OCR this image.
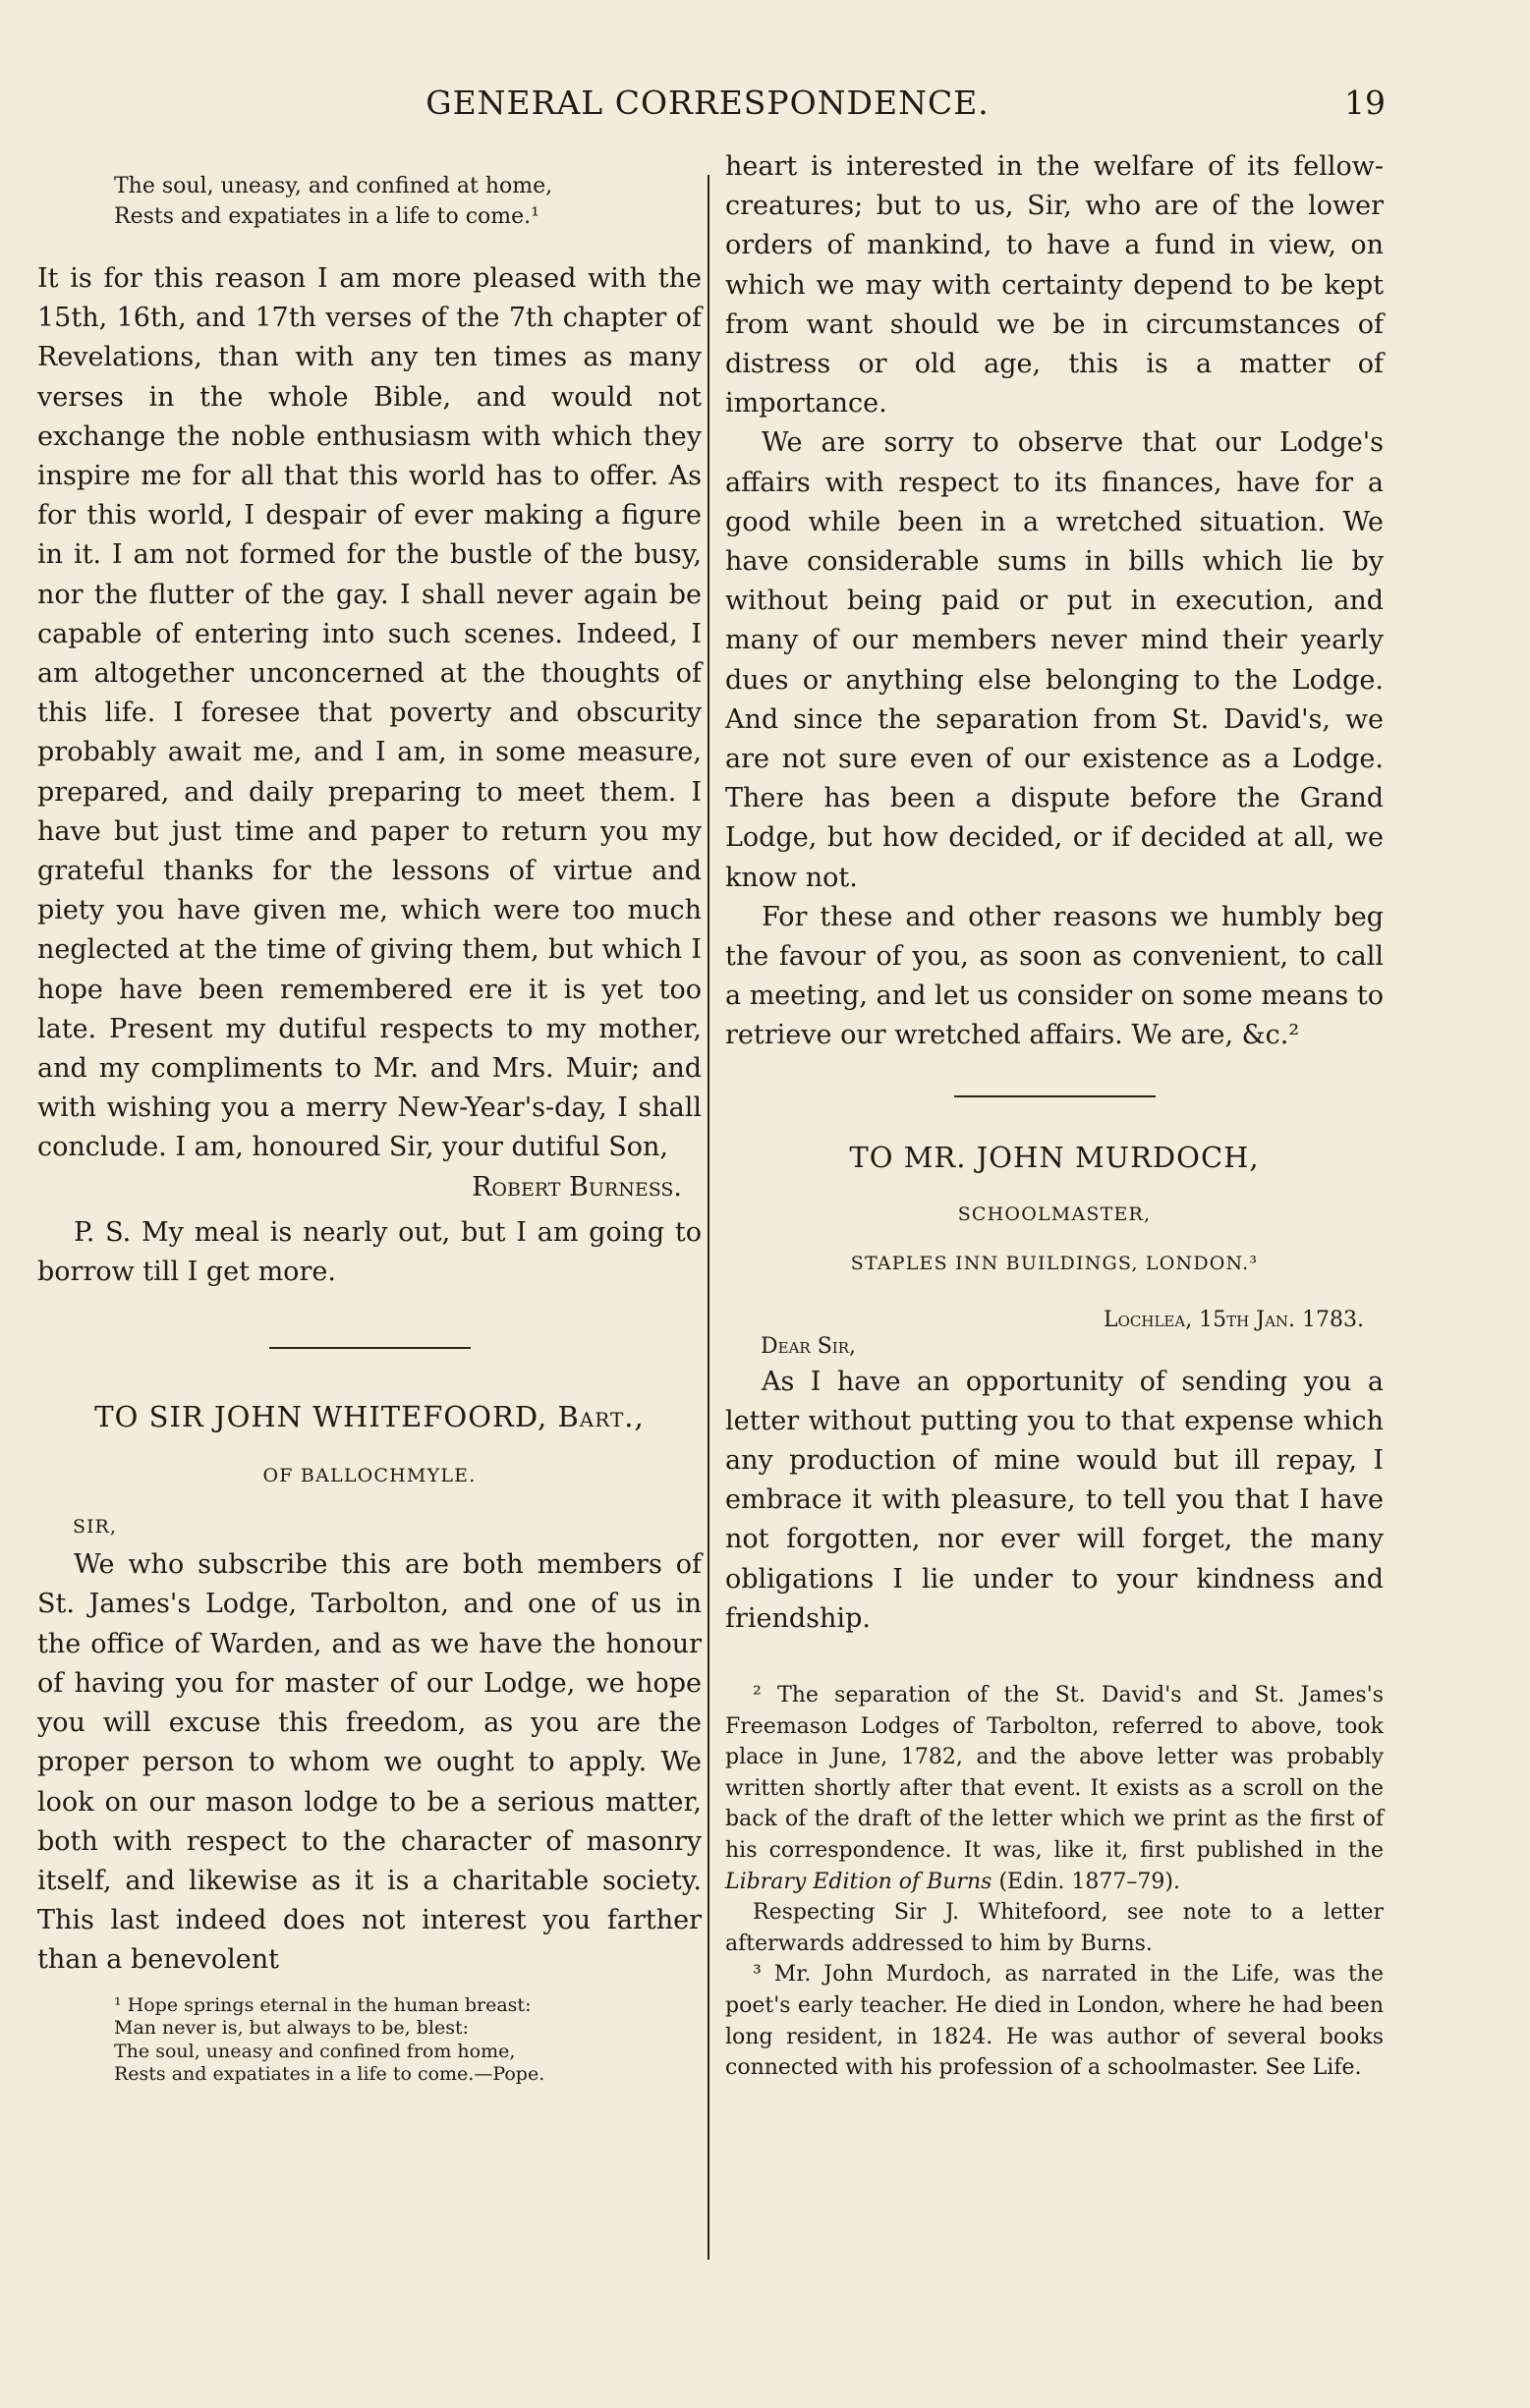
GENERAL CORRESPONDENCE.	19
The soul, uneasy, and confined at home,
Rests and expatiates in a life to come.¹

It is for this reason I am more pleased with the 15th, 16th, and 17th verses of the 7th chapter of Revelations, than with any ten times as many verses in the whole Bible, and would not exchange the noble enthusiasm with which they inspire me for all that this world has to offer. As for this world, I despair of ever making a figure in it. I am not formed for the bustle of the busy, nor the flutter of the gay. I shall never again be capable of entering into such scenes. Indeed, I am altogether unconcerned at the thoughts of this life. I foresee that poverty and obscurity probably await me, and I am, in some measure, prepared, and daily preparing to meet them. I have but just time and paper to return you my grateful thanks for the lessons of virtue and piety you have given me, which were too much neglected at the time of giving them, but which I hope have been remembered ere it is yet too late. Present my dutiful respects to my mother, and my compliments to Mr. and Mrs. Muir; and with wishing you a merry New-Year's-day, I shall conclude. I am, honoured Sir, your dutiful Son,

Robert Burness.

P. S. My meal is nearly out, but I am going to borrow till I get more.

TO SIR JOHN WHITEFOORD, Bart.,

OF BALLOCHMYLE.

SIR,

We who subscribe this are both members of St. James's Lodge, Tarbolton, and one of us in the office of Warden, and as we have the honour of having you for master of our Lodge, we hope you will excuse this freedom, as you are the proper person to whom we ought to apply. We look on our mason lodge to be a serious matter, both with respect to the character of masonry itself, and likewise as it is a charitable society. This last indeed does not interest you farther than a benevolent

¹ Hope springs eternal in the human breast:
Man never is, but always to be, blest:
The soul, uneasy and confined from home,
Rests and expatiates in a life to come.—Pope.

heart is interested in the welfare of its fellow-creatures; but to us, Sir, who are of the lower orders of mankind, to have a fund in view, on which we may with certainty depend to be kept from want should we be in circumstances of distress or old age, this is a matter of importance.

We are sorry to observe that our Lodge's affairs with respect to its finances, have for a good while been in a wretched situation. We have considerable sums in bills which lie by without being paid or put in execution, and many of our members never mind their yearly dues or anything else belonging to the Lodge. And since the separation from St. David's, we are not sure even of our existence as a Lodge. There has been a dispute before the Grand Lodge, but how decided, or if decided at all, we know not.

For these and other reasons we humbly beg the favour of you, as soon as convenient, to call a meeting, and let us consider on some means to retrieve our wretched affairs. We are, &c.²

TO MR. JOHN MURDOCH,

SCHOOLMASTER,

STAPLES INN BUILDINGS, LONDON.³

Lochlea, 15th Jan. 1783.

Dear Sir,

As I have an opportunity of sending you a letter without putting you to that expense which any production of mine would but ill repay, I embrace it with pleasure, to tell you that I have not forgotten, nor ever will forget, the many obligations I lie under to your kindness and friendship.

² The separation of the St. David's and St. James's Freemason Lodges of Tarbolton, referred to above, took place in June, 1782, and the above letter was probably written shortly after that event. It exists as a scroll on the back of the draft of the letter which we print as the first of his correspondence. It was, like it, first published in the Library Edition of Burns (Edin. 1877–79).

Respecting Sir J. Whitefoord, see note to a letter afterwards addressed to him by Burns.

³ Mr. John Murdoch, as narrated in the Life, was the poet's early teacher. He died in London, where he had been long resident, in 1824. He was author of several books connected with his profession of a schoolmaster. See Life.
